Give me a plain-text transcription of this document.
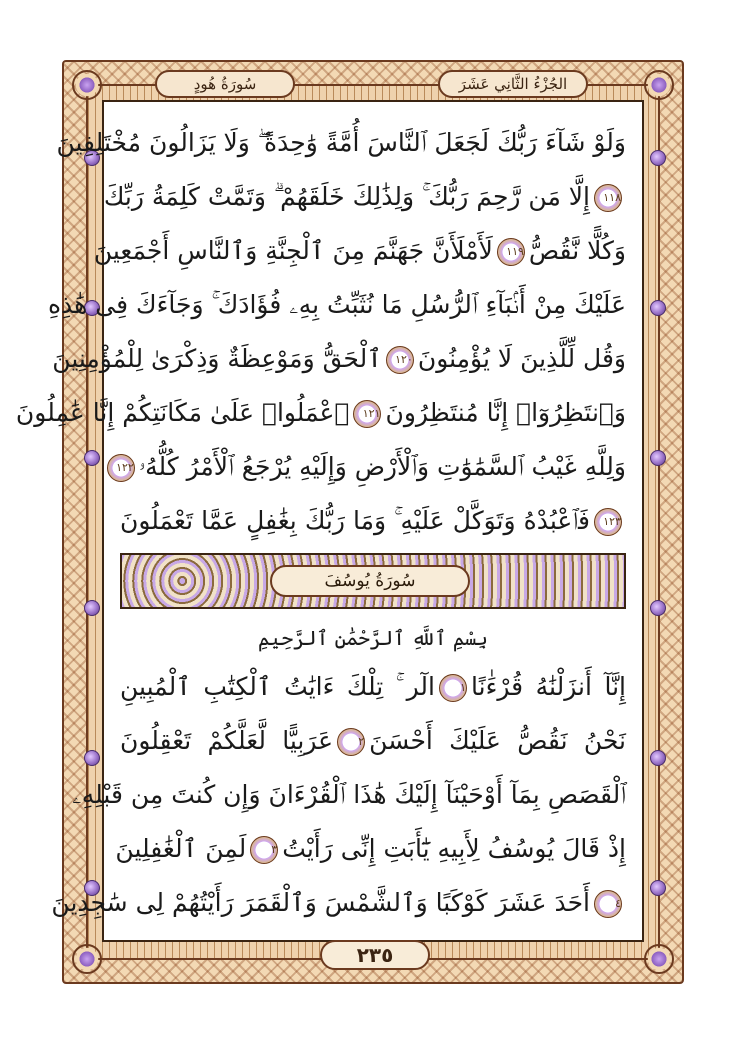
الجُزْءُ الثَّانِي عَشَرَ
سُورَةُ هُودٍ
وَلَوْ شَآءَ رَبُّكَ لَجَعَلَ ٱلنَّاسَ أُمَّةً وَٰحِدَةً ۖ وَلَا يَزَالُونَ مُخْتَلِفِينَ
١١٨إِلَّا مَن رَّحِمَ رَبُّكَ ۚ وَلِذَٰلِكَ خَلَقَهُمْ ۗ وَتَمَّتْ كَلِمَةُ رَبِّكَ
وَكُلًّا نَّقُصُّ١١٩لَأَمْلَأَنَّ جَهَنَّمَ مِنَ ٱلْجِنَّةِ وَٱلنَّاسِ أَجْمَعِينَ
عَلَيْكَ مِنْ أَنۢبَآءِ ٱلرُّسُلِ مَا نُثَبِّتُ بِهِۦ فُؤَادَكَ ۚ وَجَآءَكَ فِى هَٰذِهِ
وَقُل لِّلَّذِينَ لَا يُؤْمِنُونَ١٢٠ٱلْحَقُّ وَمَوْعِظَةٌ وَذِكْرَىٰ لِلْمُؤْمِنِينَ
وَٱنتَظِرُوٓا۟ إِنَّا مُنتَظِرُونَ١٢١ٱعْمَلُوا۟ عَلَىٰ مَكَانَتِكُمْ إِنَّا عَٰمِلُونَ
وَلِلَّهِ غَيْبُ ٱلسَّمَٰوَٰتِ وَٱلْأَرْضِ وَإِلَيْهِ يُرْجَعُ ٱلْأَمْرُ كُلُّهُۥ١٢٢
١٢٣فَٱعْبُدْهُ وَتَوَكَّلْ عَلَيْهِ ۚ وَمَا رَبُّكَ بِغَٰفِلٍ عَمَّا تَعْمَلُونَ
سُورَةُ يُوسُفَ
بِسْمِ ٱللَّهِ ٱلرَّحْمَٰنِ ٱلرَّحِيمِ
إِنَّآ أَنزَلْنَٰهُ قُرْءَٰنًا١الٓر ۚ تِلْكَ ءَايَٰتُ ٱلْكِتَٰبِ ٱلْمُبِينِ
نَحْنُ نَقُصُّ عَلَيْكَ أَحْسَنَ٢عَرَبِيًّا لَّعَلَّكُمْ تَعْقِلُونَ
ٱلْقَصَصِ بِمَآ أَوْحَيْنَآ إِلَيْكَ هَٰذَا ٱلْقُرْءَانَ وَإِن كُنتَ مِن قَبْلِهِۦ
إِذْ قَالَ يُوسُفُ لِأَبِيهِ يَٰٓأَبَتِ إِنِّى رَأَيْتُ٣لَمِنَ ٱلْغَٰفِلِينَ
٤أَحَدَ عَشَرَ كَوْكَبًا وَٱلشَّمْسَ وَٱلْقَمَرَ رَأَيْتُهُمْ لِى سَٰجِدِينَ
٢٣٥
